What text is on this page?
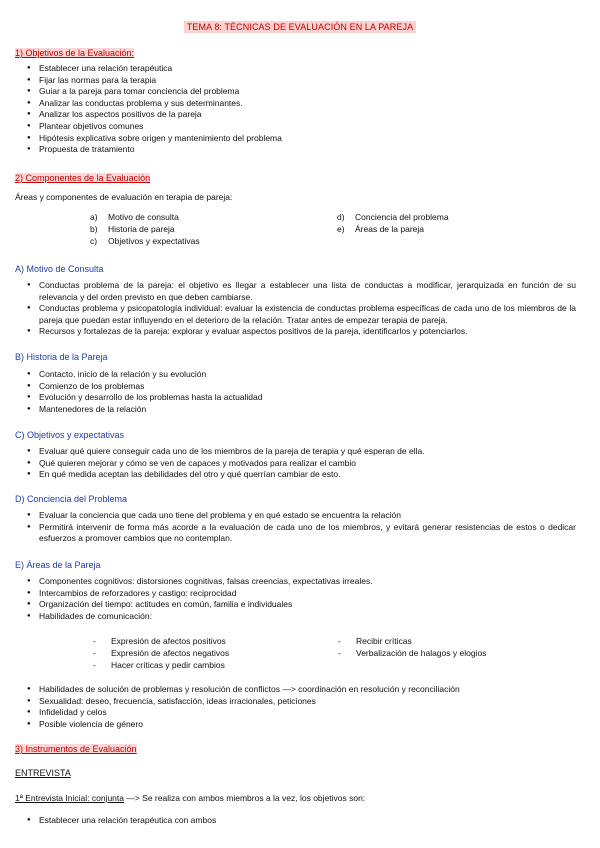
TEMA 8: TÉCNICAS DE EVALUACIÓN EN LA PAREJA
1) Objetivos de la Evaluación:
● Establecer una relación terapéutica
● Fijar las normas para la terapia
● Guiar a la pareja para tomar conciencia del problema
● Analizar las conductas problema y sus determinantes.
● Analizar los aspectos positivos de la pareja
● Plantear objetivos comunes
● Hipótesis explicativa sobre origen y mantenimiento del problema
● Propuesta de tratamiento
2) Componentes de la Evaluación
Áreas y componentes de evaluación en terapia de pareja:
a) Motivo de consulta
b) Historia de pareja
c) Objetivos y expectativas
d) Conciencia del problema
e) Áreas de la pareja
A) Motivo de Consulta
● Conductas problema de la pareja: el objetivo es llegar a establecer una lista de conductas a modificar, jerarquizada en función de su relevancia y del orden previsto en que deben cambiarse.
● Conductas problema y psicopatología individual: evaluar la existencia de conductas problema específicas de cada uno de los miembros de la pareja que puedan estar influyendo en el deterioro de la relación. Tratar antes de empezar terapia de pareja.
● Recursos y fortalezas de la pareja: explorar y evaluar aspectos positivos de la pareja, identificarlos y potenciarlos.
B) Historia de la Pareja
● Contacto, inicio de la relación y su evolución
● Comienzo de los problemas
● Evolución y desarrollo de los problemas hasta la actualidad
● Mantenedores de la relación
C) Objetivos y expectativas
● Evaluar qué quiere conseguir cada uno de los miembros de la pareja de terapia y qué esperan de ella.
● Qué quieren mejorar y cómo se ven de capaces y motivados para realizar el cambio
● En qué medida aceptan las debilidades del otro y qué querrían cambiar de esto.
D) Conciencia del Problema
● Evaluar la conciencia que cada uno tiene del problema y en qué estado se encuentra la relación
● Permitirá intervenir de forma más acorde a la evaluación de cada uno de los miembros, y evitará generar resistencias de estos o dedicar esfuerzos a promover cambios que no contemplan.
E) Áreas de la Pareja
● Componentes cognitivos: distorsiones cognitivas, falsas creencias, expectativas irreales.
● Intercambios de reforzadores y castigo: reciprocidad
● Organización del tiempo: actitudes en común, familia e individuales
● Habilidades de comunicación:
- Expresión de afectos positivos
- Expresión de afectos negativos
- Hacer críticas y pedir cambios
- Recibir críticas
- Verbalización de halagos y elogios
● Habilidades de solución de problemas y resolución de conflictos —> coordinación en resolución y reconciliación
● Sexualidad: deseo, frecuencia, satisfacción, ideas irracionales, peticiones
● Infidelidad y celos
● Posible violencia de género
3) Instrumentos de Evaluación
ENTREVISTA
1ª Entrevista Inicial: conjunta —> Se realiza con ambos miembros a la vez, los objetivos son:
● Establecer una relación terapéutica con ambos
